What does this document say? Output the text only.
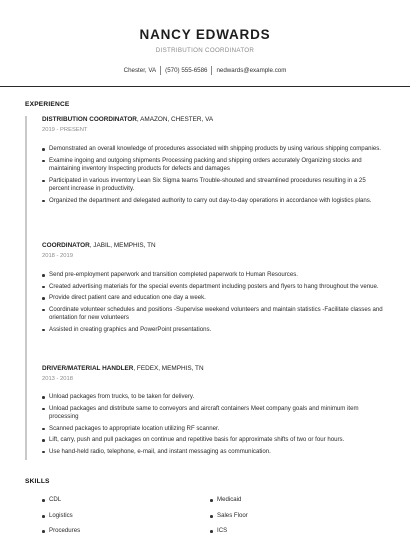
NANCY EDWARDS
DISTRIBUTION COORDINATOR
Chester, VA (570) 555-6586 nedwards@example.com
EXPERIENCE
DISTRIBUTION COORDINATOR, AMAZON, CHESTER, VA
2019 - PRESENT
Demonstrated an overall knowledge of procedures associated with shipping products by using various shipping companies.
Examine ingoing and outgoing shipments Processing packing and shipping orders accurately Organizing stocks and maintaining inventory Inspecting products for defects and damages
Participated in various inventory Lean Six Sigma teams Trouble-shouted and streamlined procedures resulting in a 25 percent increase in productivity.
Organized the department and delegated authority to carry out day-to-day operations in accordance with logistics plans.
COORDINATOR, JABIL, MEMPHIS, TN
2018 - 2019
Send pre-employment paperwork and transition completed paperwork to Human Resources.
Created advertising materials for the special events department including posters and flyers to hang throughout the venue.
Provide direct patient care and education one day a week.
Coordinate volunteer schedules and positions -Supervise weekend volunteers and maintain statistics -Facilitate classes and orientation for new volunteers
Assisted in creating graphics and PowerPoint presentations.
DRIVER/MATERIAL HANDLER, FEDEX, MEMPHIS, TN
2013 - 2018
Unload packages from trucks, to be taken for delivery.
Unload packages and distribute same to conveyors and aircraft containers Meet company goals and minimum item processing
Scanned packages to appropriate location utilizing RF scanner.
Lift, carry, push and pull packages on continue and repetitive basis for approximate shifts of two or four hours.
Use hand-held radio, telephone, e-mail, and instant messaging as communication.
SKILLS
CDL	Medicaid
Logistics	Sales Floor
Procedures	ICS
